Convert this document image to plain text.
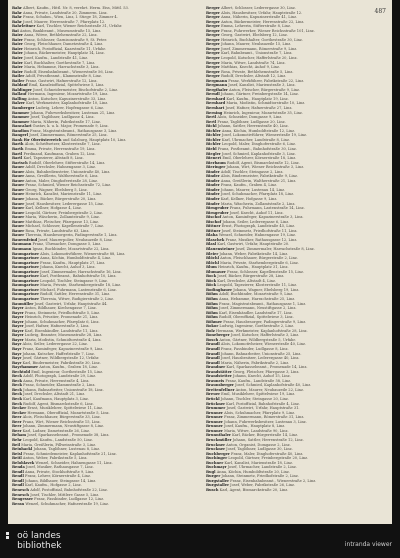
487
Bahr Albert, Kaufm., Hittl. Nr. 8, verehrt. Herm. Eiss, Mittl. 53.
Bahr Anna, Private, Landstraße 20, Zimmerm. Linz.
Bahr Franz, Schuhm., Wien, Linz, I. Stiege 18, Zimmer 4.
Bahr Josef, Maurer, Herrenstraße 7, Pfarrplatz 12.
Bahrleitner Karl, Tischler, Wiener Reichsstraße 31, Urfahr.
Bai Anton, Bankbeamt., Museumstraße 15, Linz.
Baier Anna, Witwe, Bethlehemstraße 22, Linz.
Baier Franz, Schlosser, Garnisonstraße 9, St. Peter.
Baier Georg, Fleischhauer, Dametzstraße 4, Linz.
Baier Heinrich, Postoffizial, Kaarstraße 11, Urfahr.
Baier Johann, Bäckermeister, Hauptplatz 14, Linz.
Baier Josef, Kaufm., Landstraße 41, Linz.
Baier Karl, Buchhalter, Goethestraße 7, Linz.
Baier Maria, Hebamme, Harrachstraße 3, Linz.
Baier Rudolf, Eisenbahnbeamt., Wienerstraße 56, Linz.
Bailer Adolf, Privatbeamt., Klammstraße 8, Linz.
Bailer Franz, Gastwirt, Hafnerstraße 12, Linz.
Baldauf Emil, Kanzleioffizial, Spittelwiese 5, Linz.
Baldinger Josef, Schneidermeister, Bischofstraße 2, Linz.
Ballauf Hermann, Ingenieur, Mozartstraße 19, Linz.
Balling Anton, Kutscher, Kapuzinerstraße 33, Linz.
Balzer Karl, Werkmeister, Kaplanhofstraße 10, Linz.
Bamberger Ludwig, Lehrer, Hopfengasse 6, Linz.
Bammer Johann, Fuhrwerksbesitzer, Lustenau 21, Linz.
Bammer Josef, Taglöhner, Ludlgasse 4, Linz.
Bammer Maria, Näherin, Fabrikstraße 17, Linz.
Bancalari Gustav, k. u. k. Major, Promenade 9, Linz.
Bandion Franz, Magistratsbeamt., Rathausgasse 3, Linz.
Bangerl Josef, Zimmermann, Römerstraße 25, Linz.
Bank für Oberösterreich und Salzburg, Hauptplatz 10, Linz.
Barth Alois, Schriftsetzer, Klosterstraße 7, Linz.
Barth Emma, Private, Herrenstraße 19, Linz.
Bartl Ferdinand, Kaufmann, Graben 12, Linz.
Bartl Karl, Tapezierer, Altstadt 8, Linz.
Bartsch Rudolf, Oberlehrer, Stifterstraße 14, Linz.
Bauer Adolf, Drechsler, Hahnengasse 3, Linz.
Bauer Alois, Bahnbediensteter, Unionstraße 40, Linz.
Bauer Anna, Greißlerin, Waltherstraße 6, Linz.
Bauer Anton, Maler, Dinghoferstraße 28, Linz.
Bauer Franz, Schmied, Wiener Reichsstraße 72, Linz.
Bauer Georg, Wagner, Ebelsberg 5, Linz.
Bauer Heinrich, Kanzlist, Marienstraße 11, Linz.
Bauer Johann, Bäcker, Bürgerstraße 20, Linz.
Bauer Josef, Hausbesitzer, Lederergasse 15, Linz.
Bauer Karl, Kellner, Hofgasse 4, Linz.
Bauer Leopold, Gärtner, Freinbergstraße 2, Linz.
Bauer Maria, Wäscherin, Zollamtstraße 9, Linz.
Bauer Matthias, Fleischer, Pfarrgasse 13, Linz.
Bauer Michael, Schlosser, Kapellenstraße 7, Linz.
Bauer Rosa, Private, Landstraße 63, Linz.
Bauer Theresia, Hausbesorgerin, Fadingerstraße 1, Linz.
Bauernfeind Josef, Maurerpolier, Neubauzeile 8, Linz.
Baumann Franz, Uhrmacher, Domgasse 5, Linz.
Baumann Ignaz, Buchbinder, Mozartstraße 22, Linz.
Baumgartner Alois, Lokomotivführer, Wienerstraße 88, Linz.
Baumgartner Anna, Köchin, Humboldtstraße 4, Linz.
Baumgartner Franz, Kaufm., Hauptplatz 27, Linz.
Baumgartner Johann, Knecht, Auhof 3, Linz.
Baumgartner Josef, Zimmermaler, Harrachstraße 16, Linz.
Baumgartner Karl, Postbeamt., Bahnhofstraße 10, Linz.
Baumgartner Leopold, Tischler, Steingasse 9, Linz.
Baumgartner Maria, Private, Starhembergstraße 18, Linz.
Baumgartner Michael, Fuhrmann, Lastenstraße 6, Linz.
Baumgartner Rudolf, Sattler, Herrenstraße 31, Linz.
Baumgartner Theresia, Witwe, Rudigierstraße 2, Linz.
Baumüller Josef, Gastwirt, Urfahr, Hauptstraße 44.
Bayer Anton, Bildhauer, Kirchengasse 7, Linz.
Bayer Franz, Steinmetz, Friedhofstraße 5, Linz.
Bayer Heinrich, Privatier, Promenade 21, Linz.
Bayer Johann, Schuhmacher, Pfarrplatz 6, Linz.
Bayer Josef, Hafner, Hafnerstraße 3, Linz.
Bayer Karl, Eisenhändler, Landstraße 11, Linz.
Bayer Ludwig, Beamter, Museumstraße 28, Linz.
Bayer Maria, Modistin, Schmidtorstraße 4, Linz.
Bayr Alois, Seiler, Lederergasse 22, Linz.
Bayr Franz, Kaminfeger, Kapuzinerstraße 9, Linz.
Bayr Johann, Kutscher, Hafferlstraße 7, Linz.
Bayr Josef, Gärtner, Wildbergstraße 12, Urfahr.
Bayr Karl, Bindermeister, Fabrikstraße 30, Linz.
Bayrhammer Anton, Kaufm., Graben 18, Linz.
Bechtold Emil, Ingenieur, Goethestraße 15, Linz.
Beck Adolf, Photograph, Landstraße 29, Linz.
Beck Anna, Private, Herrenstraße 4, Linz.
Beck Franz, Schneider, Klammstraße 2, Linz.
Beck Johann, Bahnarbeiter, Unionstraße 18, Linz.
Beck Josef, Drechsler, Altstadt 21, Linz.
Beck Karl, Kaufmann, Hauptplatz 3, Linz.
Beck Rudolf, Agent, Bismarckstraße 6, Linz.
Becker Ernst, Musiklehrer, Spittelwiese 11, Linz.
Becker Hermann, Oberoffizial, Mozartstraße 5, Linz.
Beer Alois, Fleischhauer, Bürgerstraße 33, Linz.
Beer Franz, Wirt, Wiener Reichsstraße 15, Linz.
Beer Johann, Zimmermann, Neustiftgasse 8, Linz.
Beer Karl, Ladner, Dametzstraße 26, Linz.
Beham Josef, Sparkassebeamt., Promenade 38, Linz.
Behr Leopold, Kaufm., Landstraße 50, Linz.
Beil Maria, Greißlerin, Pillweinstraße 3, Linz.
Beinhackl Johann, Taglöhner, Lustenau 8, Linz.
Beisl Franz, Schmiedemeister, Kaplanhofstraße 21, Linz.
Beitl Anton, Weber, Fabrikstraße 5, Linz.
Belohlavek Wenzel, Schneider, Hahnengasse 11, Linz.
Benda Josef, Musiker, Rathausgasse 7, Linz.
Bendl Anna, Private, Stockhofstraße 9, Linz.
Bendl Franz, Lehrer, Körnerstraße 4, Linz.
Bendl Johann, Bildhauer, Steingasse 14, Linz.
Bendl Karl, Kaufm., Hofgasse 2, Linz.
Benesch Adolf, Postoffizial, Bahnhofstraße 22, Linz.
Benesch Josef, Tischler, Mittlere Gasse 5, Linz.
Bengesser Franz, Fassbinder, Ludlgasse 12, Linz.
Beran Wenzel, Schuhmacher, Hafnerstraße 19, Linz.
Berger Albert, Schlosser, Lederergasse 30, Linz.
Berger Alois, Hausbesitzer, Urfahr, Hauptstraße 12.
Berger Anna, Näherin, Kapuzinerstraße 41, Linz.
Berger Anton, Bäckermeister, Herrenstraße 22, Linz.
Berger Emma, Lehrerin, Stifterstraße 8, Linz.
Berger Franz, Fuhrwerker, Wiener Reichsstraße 101, Linz.
Berger Georg, Gastwirt, Ebelsberg 12, Linz.
Berger Heinrich, Buchhalter, Goethestraße 30, Linz.
Berger Johann, Maurer, Neubauzeile 15, Linz.
Berger Josef, Zimmermann, Römerstraße 9, Linz.
Berger Karl, Bahnbeamt., Unionstraße 7, Linz.
Berger Leopold, Kutscher, Hafferlstraße 20, Linz.
Berger Maria, Witwe, Landstraße 74, Linz.
Berger Matthias, Knecht, Auhof 9, Linz.
Berger Rosa, Private, Bethlehemstraße 5, Linz.
Berger Rudolf, Drechsler, Altstadt 12, Linz.
Bergmann Franz, Werkführer, Fabrikstraße 22, Linz.
Bergmann Josef, Kanzlist, Marienstraße 3, Linz.
Bergthaler Anton, Fleischer, Bürgerstraße 9, Linz.
Berndl Johann, Gärtner, Freinbergstraße 14, Linz.
Bernhard Karl, Kaufm., Hauptplatz 19, Linz.
Bernhard Maria, Modistin, Schmidtorstraße 10, Linz.
Bernhart Josef, Hafner, Hafnerstraße 27, Linz.
Berning Heinrich, Ingenieur, Mozartstraße 35, Linz.
Bertl Alois, Schneider, Domgasse 9, Linz.
Bertl Franz, Taglöhner, Ludlgasse 20, Linz.
Bichl Johann, Sattler, Herrenstraße 40, Linz.
Bichler Anna, Köchin, Humboldtstraße 12, Linz.
Bichler Josef, Lokomotivführer, Wienerstraße 19, Linz.
Bichler Karl, Uhrmacher, Landstraße 8, Linz.
Bichler Leopold, Maler, Dinghoferstraße 6, Linz.
Biebl Franz, Postbeamt., Bahnhofstraße 30, Linz.
Biegler Josef, Schmied, Kaplanhofstraße 3, Linz.
Bienert Emil, Oberlehrer, Körnerstraße 18, Linz.
Bierbaum Rudolf, Agent, Bismarckstraße 12, Linz.
Bieringer Johann, Wirt, Wiener Reichsstraße 3, Linz.
Binder Adolf, Tischler, Steingasse 2, Linz.
Binder Alois, Bindermeister, Fabrikstraße 9, Linz.
Binder Anna, Greißlerin, Waltherstraße 21, Linz.
Binder Franz, Kaufm., Graben 4, Linz.
Binder Johann, Maurer, Lustenau 14, Linz.
Binder Josef, Schuhmacher, Pfarrplatz 18, Linz.
Binder Karl, Kellner, Hofgasse 9, Linz.
Binder Maria, Wäscherin, Zollamtstraße 2, Linz.
Birngruber Franz, Fuhrmann, Lastenstraße 14, Linz.
Birngruber Josef, Knecht, Auhof 11, Linz.
Bischof Anton, Kaminfeger, Kapuzinerstraße 3, Linz.
Bischof Johann, Seiler, Lederergasse 6, Linz.
Bittner Ernst, Photograph, Landstraße 45, Linz.
Bittner Josef, Steinmetz, Friedhofstraße 11, Linz.
Blaha Wenzel, Schneider, Hahnengasse 19, Linz.
Blaschek Franz, Musiker, Rathausgasse 12, Linz.
Blasl Karl, Gastwirt, Urfahr, Hauptstraße 20.
Blauensteiner Josef, Zimmermaler, Harrachstraße 8, Linz.
Bleier Johann, Weber, Fabrikstraße 14, Linz.
Blöchl Anton, Fleischhauer, Bürgerstraße 2, Linz.
Blöchl Maria, Private, Starhembergstraße 6, Linz.
Blum Heinrich, Kaufm., Hauptplatz 31, Linz.
Blumauer Franz, Schlosser, Kapellenstraße 15, Linz.
Bock Josef, Bäcker, Bürgerstraße 28, Linz.
Böck Karl, Drechsler, Altstadt 4, Linz.
Böck Leopold, Tapezierer, Klosterstraße 11, Linz.
Bodingbauer Johann, Wagner, Ebelsberg 19, Linz.
Böhm Adolf, Buchbinder, Mozartstraße 9, Linz.
Böhm Anna, Hebamme, Harrachstraße 25, Linz.
Böhm Franz, Magistratsbeamt., Rathausgasse 1, Linz.
Böhm Josef, Zimmermann, Neustiftgasse 2, Linz.
Böhm Karl, Eisenhändler, Landstraße 17, Linz.
Böhm Rudolf, Oberoffizial, Spittelwiese 3, Linz.
Böhmer Franz, Hausbesorger, Fadingerstraße 9, Linz.
Bokor Ludwig, Ingenieur, Goethestraße 2, Linz.
Bolz Hermann, Werkmeister, Kaplanhofstraße 28, Linz.
Boneberger Josef, Kutscher, Hafferlstraße 3, Linz.
Bosch Anton, Gärtner, Wildbergstraße 5, Urfahr.
Brandl Alois, Lokomotivheizer, Wienerstraße 40, Linz.
Brandl Franz, Fassbinder, Ludlgasse 8, Linz.
Brandl Johann, Bahnarbeiter, Unionstraße 25, Linz.
Brandl Josef, Hausbesitzer, Lederergasse 40, Linz.
Brandl Maria, Näherin, Fabrikstraße 2, Linz.
Brandner Karl, Sparkassebeamt., Promenade 14, Linz.
Brandstätter Georg, Fleischer, Pfarrgasse 3, Linz.
Brandstetter Johann, Knecht, Auhof 15, Linz.
Brauneis Franz, Kaufm., Landstraße 58, Linz.
Braunsberger Josef, Schmied, Kaplanhofstraße 40, Linz.
Breitenfellner Anton, Maurer, Neubauzeile 22, Linz.
Breuer Emil, Musiklehrer, Spittelwiese 19, Linz.
Brückl Johann, Tischler, Steingasse 20, Linz.
Brückner Karl, Postoffizial, Bahnhofstraße 4, Linz.
Brummer Josef, Gastwirt, Urfahr, Hauptstraße 31.
Brunner Alois, Schuhmacher, Pfarrplatz 9, Linz.
Brunner Franz, Zimmermann, Römerstraße 31, Linz.
Brunner Johann, Fuhrwerksbesitzer, Lustenau 3, Linz.
Brunner Josef, Kaufm., Hauptplatz 8, Linz.
Brunner Maria, Witwe, Landstraße 90, Linz.
Brunnthaler Karl, Bäcker, Bürgerstraße 14, Linz.
Bruckmüller Johann, Sattler, Herrenstraße 12, Linz.
Bruckner Anton, Organist, Domgasse 2, Linz.
Bruckner Josef, Taglöhner, Ludlgasse 30, Linz.
Buchberger Franz, Maler, Dinghoferstraße 40, Linz.
Buchinger Leopold, Gärtner, Freinbergstraße 20, Linz.
Buchner Karl, Kanzlist, Marienstraße 18, Linz.
Buchmayr Josef, Uhrmacher, Landstraße 2, Linz.
Bugl Anna, Köchin, Humboldtstraße 20, Linz.
Burger Johann, Steinmetz, Friedhofstraße 2, Linz.
Burgstaller Franz, Eisenbahnbeamt., Wienerstraße 2, Linz.
Burgstaller Josef, Weber, Fabrikstraße 26, Linz.
Busch Karl, Agent, Bismarckstraße 20, Linz.
oö landes
bibliothek	intranda viewer
